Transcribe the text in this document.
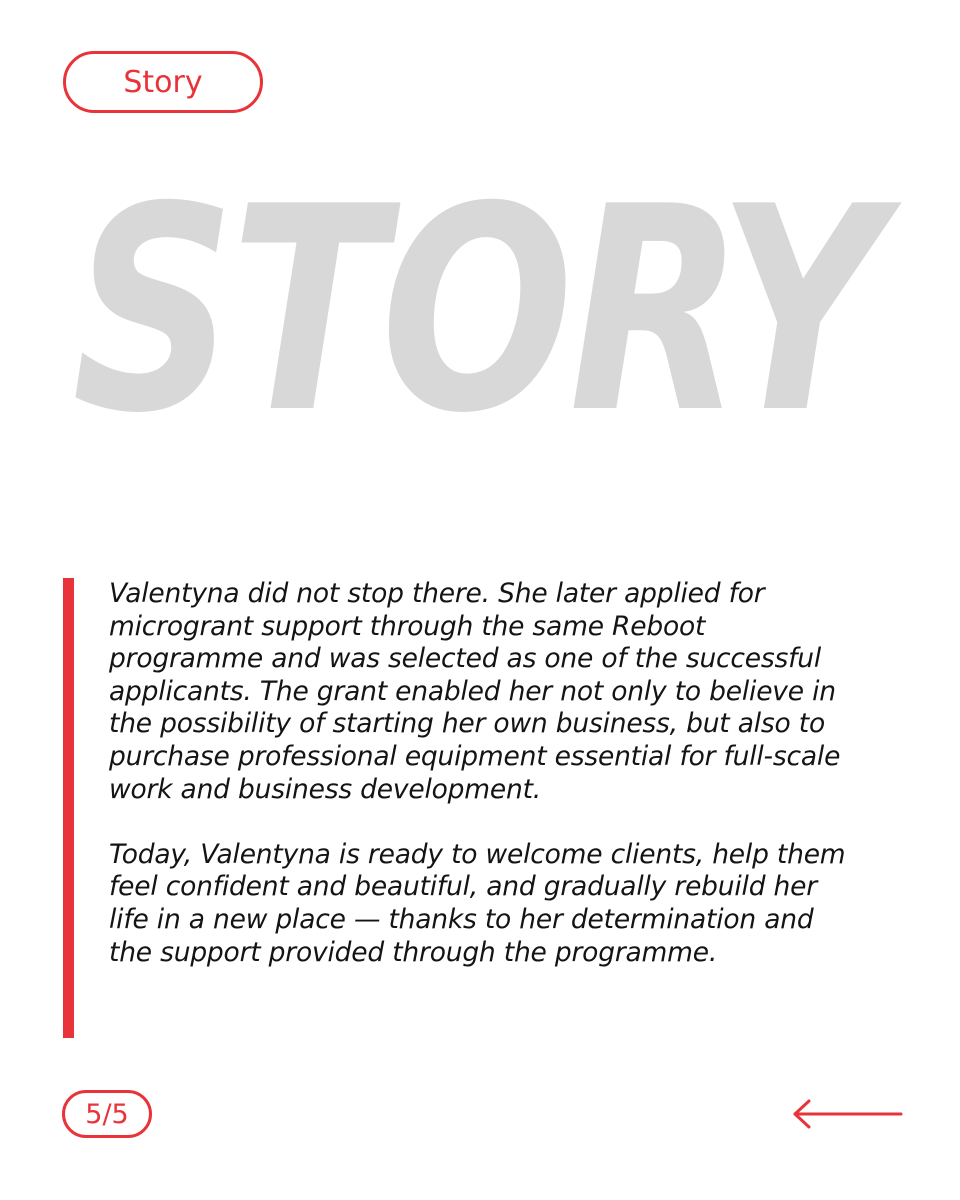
Story
STORY

Valentyna did not stop there. She later applied for microgrant support through the same Reboot programme and was selected as one of the successful applicants. The grant enabled her not only to believe in the possibility of starting her own business, but also to purchase professional equipment essential for full-scale work and business development.

Today, Valentyna is ready to welcome clients, help them feel confident and beautiful, and gradually rebuild her life in a new place — thanks to her determination and the support provided through the programme.

5/5
